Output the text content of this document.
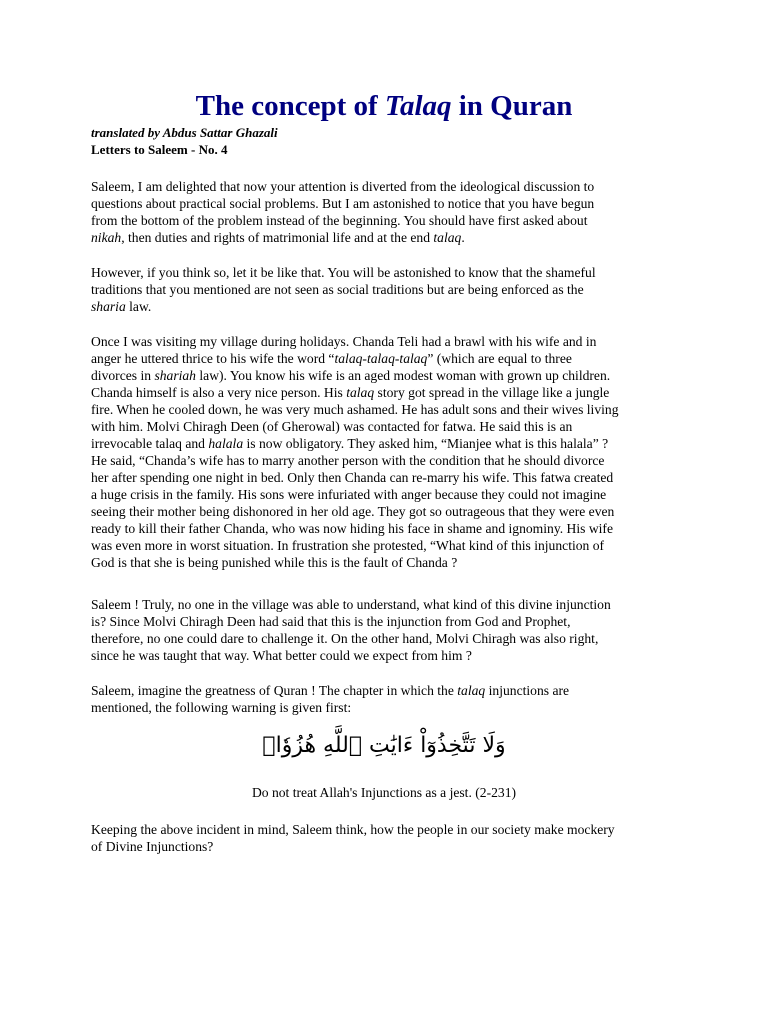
The concept of Talaq in Quran
translated by Abdus Sattar Ghazali
Letters to Saleem - No. 4
Saleem, I am delighted that now your attention is diverted from the ideological discussion to
questions about practical social problems. But I am astonished to notice that you have begun
from the bottom of the problem instead of the beginning. You should have first asked about
nikah, then duties and rights of matrimonial life and at the end talaq.
However, if you think so, let it be like that. You will be astonished to know that the shameful
traditions that you mentioned are not seen as social traditions but are being enforced as the
sharia law.
Once I was visiting my village during holidays. Chanda Teli had a brawl with his wife and in
anger he uttered thrice to his wife the word “talaq-talaq-talaq” (which are equal to three
divorces in shariah law). You know his wife is an aged modest woman with grown up children.
Chanda himself is also a very nice person. His talaq story got spread in the village like a jungle
fire. When he cooled down, he was very much ashamed. He has adult sons and their wives living
with him. Molvi Chiragh Deen (of Gherowal) was contacted for fatwa. He said this is an
irrevocable talaq and halala is now obligatory. They asked him, “Mianjee what is this halala” ?
He said, “Chanda’s wife has to marry another person with the condition that he should divorce
her after spending one night in bed. Only then Chanda can re-marry his wife. This fatwa created
a huge crisis in the family. His sons were infuriated with anger because they could not imagine
seeing their mother being dishonored in her old age. They got so outrageous that they were even
ready to kill their father Chanda, who was now hiding his face in shame and ignominy. His wife
was even more in worst situation. In frustration she protested, “What kind of this injunction of
God is that she is being punished while this is the fault of Chanda ?
Saleem ! Truly, no one in the village was able to understand, what kind of this divine injunction
is? Since Molvi Chiragh Deen had said that this is the injunction from God and Prophet,
therefore, no one could dare to challenge it. On the other hand, Molvi Chiragh was also right,
since he was taught that way. What better could we expect from him ?
Saleem, imagine the greatness of Quran ! The chapter in which the talaq injunctions are
mentioned, the following warning is given first:
وَلَا تَتَّخِذُوٓاْ ءَايَٰتِ ٱللَّهِ هُزُوٗاۚ
Do not treat Allah's Injunctions as a jest. (2-231)
Keeping the above incident in mind, Saleem think, how the people in our society make mockery
of Divine Injunctions?
